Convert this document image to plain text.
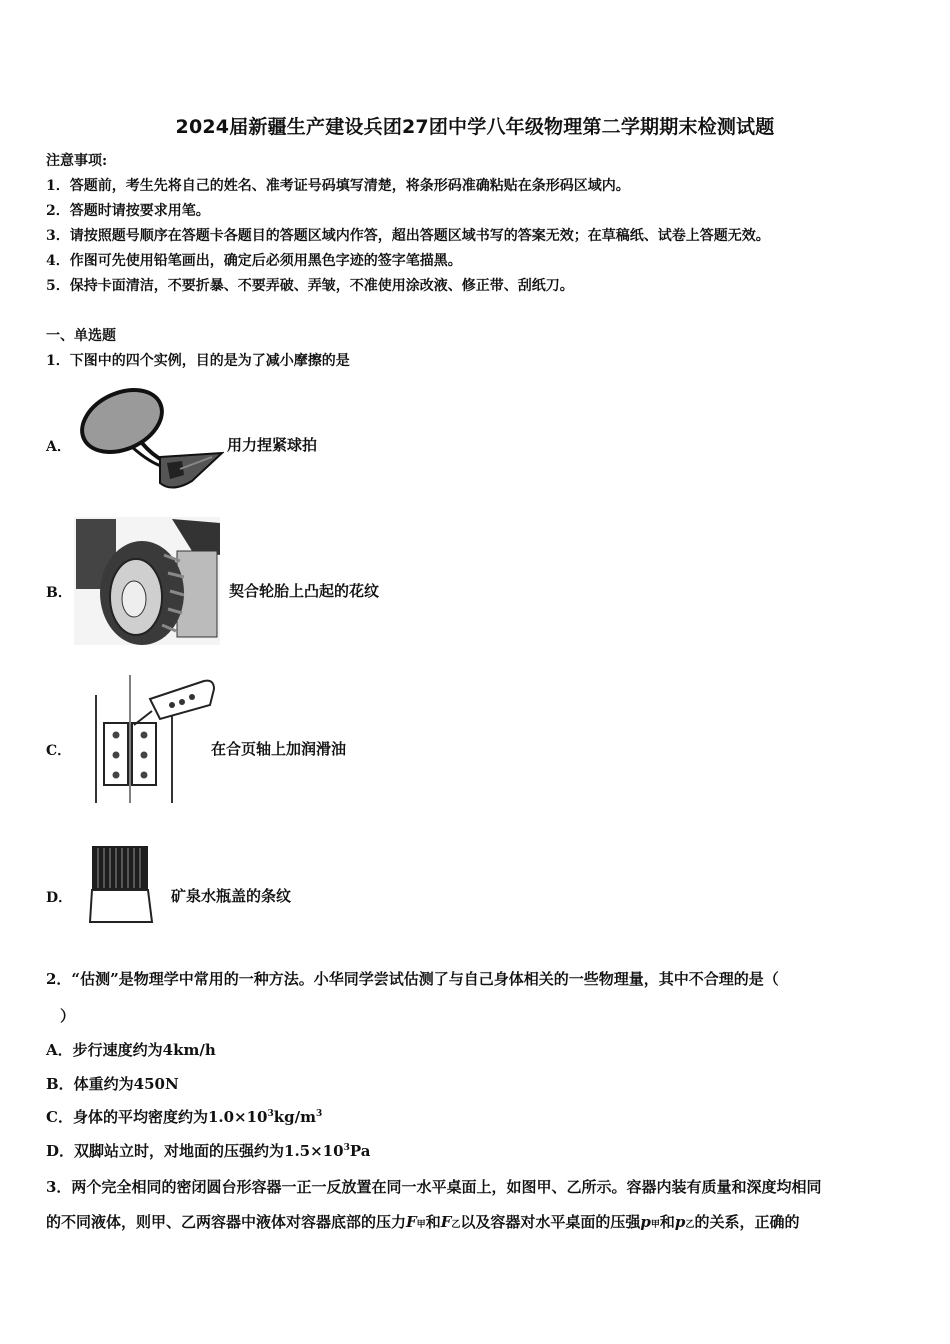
2024届新疆生产建设兵团27团中学八年级物理第二学期期末检测试题
注意事项:
1．答题前，考生先将自己的姓名、准考证号码填写清楚，将条形码准确粘贴在条形码区域内。
2．答题时请按要求用笔。
3．请按照题号顺序在答题卡各题目的答题区域内作答，超出答题区域书写的答案无效；在草稿纸、试卷上答题无效。
4．作图可先使用铅笔画出，确定后必须用黑色字迹的签字笔描黑。
5．保持卡面清洁，不要折暴、不要弄破、弄皱，不准使用涂改液、修正带、刮纸刀。
一、单选题
1．下图中的四个实例，目的是为了减小摩擦的是
A．	用力捏紧球拍
B．	契合轮胎上凸起的花纹
C．	在合页轴上加润滑油
D．	矿泉水瓶盖的条纹
2．“估测”是物理学中常用的一种方法。小华同学尝试估测了与自己身体相关的一些物理量，其中不合理的是（
）
A．步行速度约为4km/h
B．体重约为450N
C．身体的平均密度约为$1.0\times 10^3kg/m^3$
D．双脚站立时，对地面的压强约为$1.5\times 10^3Pa$
3．两个完全相同的密闭圆台形容器一正一反放置在同一水平桌面上，如图甲、乙所示。容器内装有质量和深度均相同
的不同液体，则甲、乙两容器中液体对容器底部的压力F甲和F乙以及容器对水平桌面的压强p甲和p乙的关系，正确的
